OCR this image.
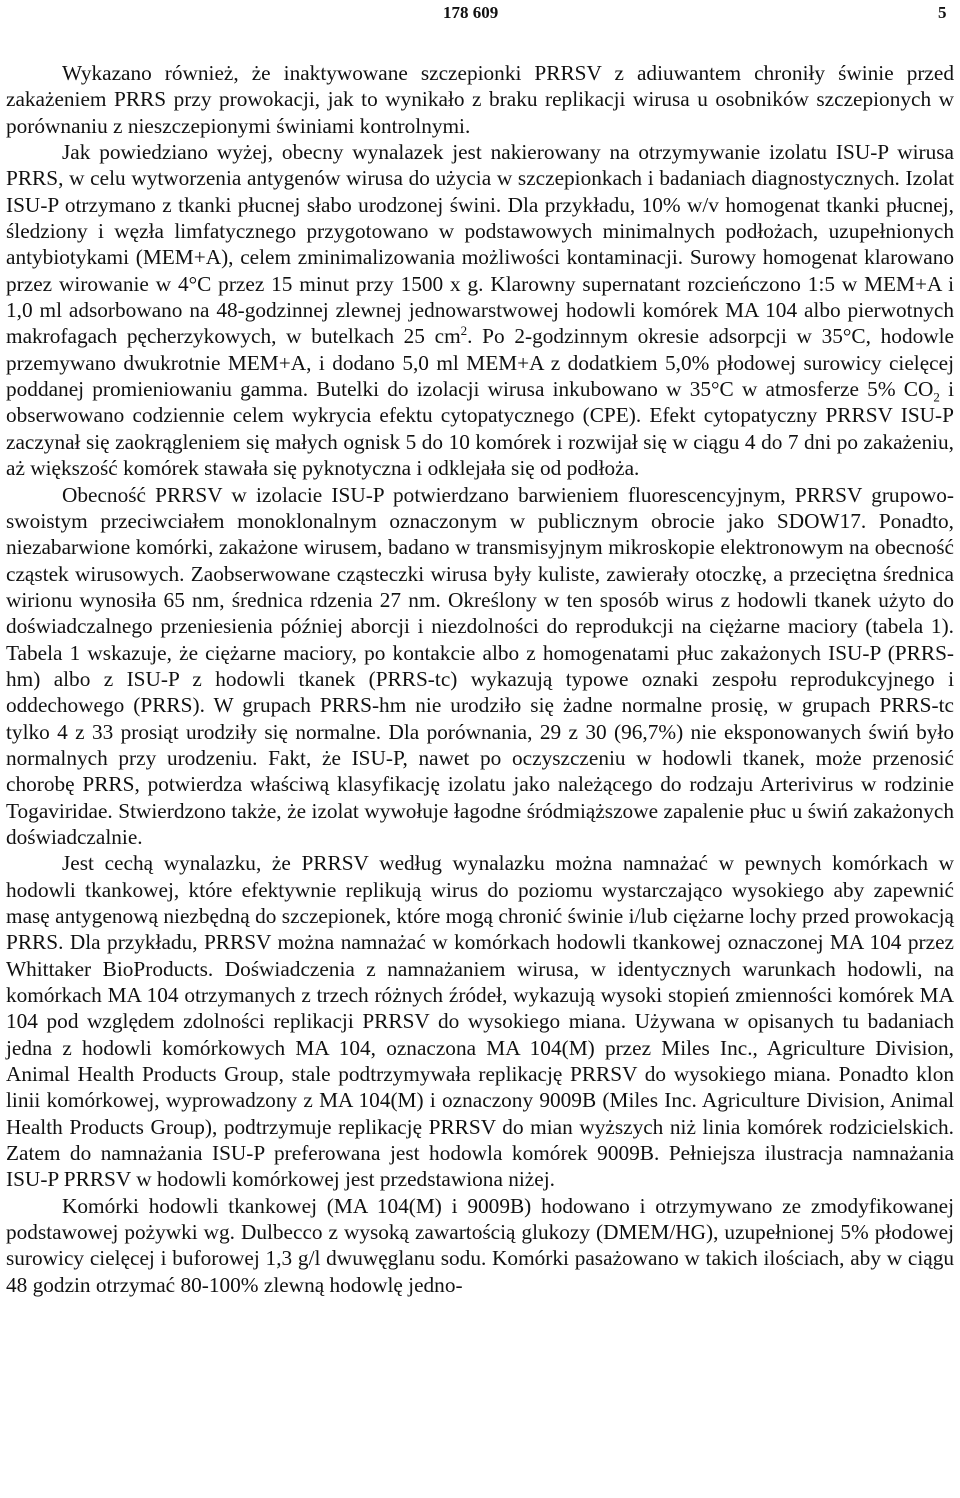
178 609	5

Wykazano również, że inaktywowane szczepionki PRRSV z adiuwantem chroniły świnie przed zakażeniem PRRS przy prowokacji, jak to wynikało z braku replikacji wirusa u osobników szczepionych w porównaniu z nieszczepionymi świniami kontrolnymi.

Jak powiedziano wyżej, obecny wynalazek jest nakierowany na otrzymywanie izolatu ISU-P wirusa PRRS, w celu wytworzenia antygenów wirusa do użycia w szczepionkach i badaniach diagnostycznych. Izolat ISU-P otrzymano z tkanki płucnej słabo urodzonej świni. Dla przykładu, 10% w/v homogenat tkanki płucnej, śledziony i węzła limfatycznego przygotowano w podstawowych minimalnych podłożach, uzupełnionych antybiotykami (MEM+A), celem zminimalizowania możliwości kontaminacji. Surowy homogenat klarowano przez wirowanie w 4°C przez 15 minut przy 1500 x g. Klarowny supernatant rozcieńczono 1:5 w MEM+A i 1,0 ml adsorbowano na 48-godzinnej zlewnej jednowarstwowej hodowli komórek MA 104 albo pierwotnych makrofagach pęcherzykowych, w butelkach 25 $cm^2$. Po 2-godzinnym okresie adsorpcji w 35°C, hodowle przemywano dwukrotnie MEM+A, i dodano 5,0 ml MEM+A z dodatkiem 5,0% płodowej surowicy cielęcej poddanej promieniowaniu gamma. Butelki do izolacji wirusa inkubowano w 35°C w atmosferze 5% $CO_2$ i obserwowano codziennie celem wykrycia efektu cytopatycznego (CPE). Efekt cytopatyczny PRRSV ISU-P zaczynał się zaokrągleniem się małych ognisk 5 do 10 komórek i rozwijał się w ciągu 4 do 7 dni po zakażeniu, aż większość komórek stawała się pyknotyczna i odklejała się od podłoża.

Obecność PRRSV w izolacie ISU-P potwierdzano barwieniem fluorescencyjnym, PRRSV grupowo-swoistym przeciwciałem monoklonalnym oznaczonym w publicznym obrocie jako SDOW17. Ponadto, niezabarwione komórki, zakażone wirusem, badano w transmisyjnym mikroskopie elektronowym na obecność cząstek wirusowych. Zaobserwowane cząsteczki wirusa były kuliste, zawierały otoczkę, a przeciętna średnica wirionu wynosiła 65 nm, średnica rdzenia 27 nm. Określony w ten sposób wirus z hodowli tkanek użyto do doświadczalnego przeniesienia później aborcji i niezdolności do reprodukcji na ciężarne maciory (tabela 1). Tabela 1 wskazuje, że ciężarne maciory, po kontakcie albo z homogenatami płuc zakażonych ISU-P (PRRS-hm) albo z ISU-P z hodowli tkanek (PRRS-tc) wykazują typowe oznaki zespołu reprodukcyjnego i oddechowego (PRRS). W grupach PRRS-hm nie urodziło się żadne normalne prosię, w grupach PRRS-tc tylko 4 z 33 prosiąt urodziły się normalne. Dla porównania, 29 z 30 (96,7%) nie eksponowanych świń było normalnych przy urodzeniu. Fakt, że ISU-P, nawet po oczyszczeniu w hodowli tkanek, może przenosić chorobę PRRS, potwierdza właściwą klasyfikację izolatu jako należącego do rodzaju Arterivirus w rodzinie Togaviridae. Stwierdzono także, że izolat wywołuje łagodne śródmiąższowe zapalenie płuc u świń zakażonych doświadczalnie.

Jest cechą wynalazku, że PRRSV według wynalazku można namnażać w pewnych komórkach w hodowli tkankowej, które efektywnie replikują wirus do poziomu wystarczająco wysokiego aby zapewnić masę antygenową niezbędną do szczepionek, które mogą chronić świnie i/lub ciężarne lochy przed prowokacją PRRS. Dla przykładu, PRRSV można namnażać w komórkach hodowli tkankowej oznaczonej MA 104 przez Whittaker BioProducts. Doświadczenia z namnażaniem wirusa, w identycznych warunkach hodowli, na komórkach MA 104 otrzymanych z trzech różnych źródeł, wykazują wysoki stopień zmienności komórek MA 104 pod względem zdolności replikacji PRRSV do wysokiego miana. Używana w opisanych tu badaniach jedna z hodowli komórkowych MA 104, oznaczona MA 104(M) przez Miles Inc., Agriculture Division, Animal Health Products Group, stale podtrzymywała replikację PRRSV do wysokiego miana. Ponadto klon linii komórkowej, wyprowadzony z MA 104(M) i oznaczony 9009B (Miles Inc. Agriculture Division, Animal Health Products Group), podtrzymuje replikację PRRSV do mian wyższych niż linia komórek rodzicielskich. Zatem do namnażania ISU-P preferowana jest hodowla komórek 9009B. Pełniejsza ilustracja namnażania ISU-P PRRSV w hodowli komórkowej jest przedstawiona niżej.

Komórki hodowli tkankowej (MA 104(M) i 9009B) hodowano i otrzymywano ze zmodyfikowanej podstawowej pożywki wg. Dulbecco z wysoką zawartością glukozy (DMEM/HG), uzupełnionej 5% płodowej surowicy cielęcej i buforowej 1,3 g/l dwuwęglanu sodu. Komórki pasażowano w takich ilościach, aby w ciągu 48 godzin otrzymać 80-100% zlewną hodowlę jedno-
